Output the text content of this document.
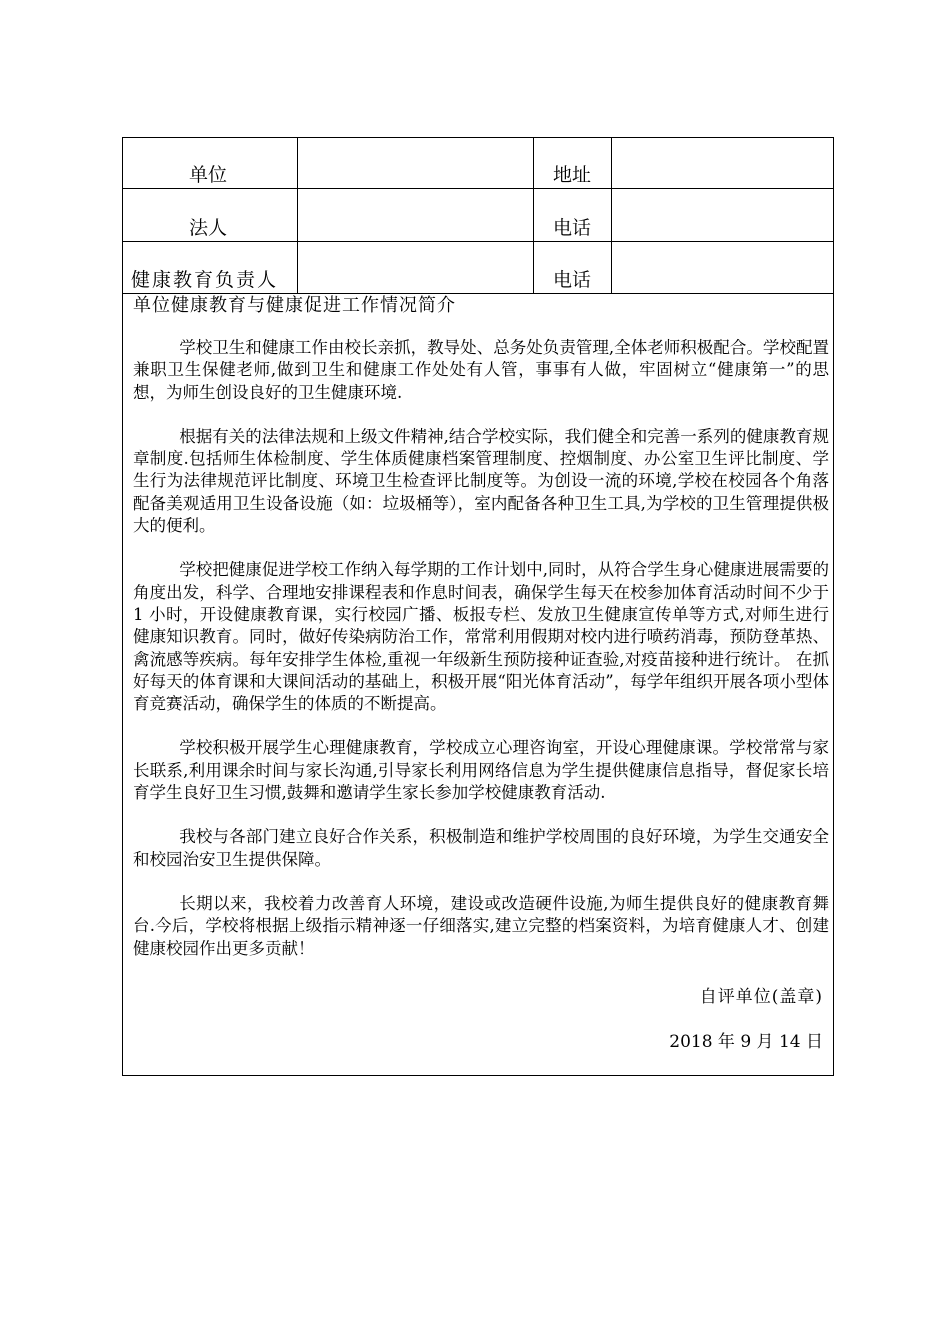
单位	地址
法人	电话
健康教育负责人	电话
单位健康教育与健康促进工作情况简介

学校卫生和健康工作由校长亲抓，教导处、总务处负责管理,全体老师积极配合。学校配置兼职卫生保健老师,做到卫生和健康工作处处有人管，事事有人做，牢固树立“健康第一”的思想，为师生创设良好的卫生健康环境.

根据有关的法律法规和上级文件精神,结合学校实际，我们健全和完善一系列的健康教育规章制度.包括师生体检制度、学生体质健康档案管理制度、控烟制度、办公室卫生评比制度、学生行为法律规范评比制度、环境卫生检查评比制度等。为创设一流的环境,学校在校园各个角落配备美观适用卫生设备设施（如：垃圾桶等），室内配备各种卫生工具,为学校的卫生管理提供极大的便利。

学校把健康促进学校工作纳入每学期的工作计划中,同时，从符合学生身心健康进展需要的角度出发，科学、合理地安排课程表和作息时间表，确保学生每天在校参加体育活动时间不少于 1 小时，开设健康教育课，实行校园广播、板报专栏、发放卫生健康宣传单等方式,对师生进行健康知识教育。同时，做好传染病防治工作，常常利用假期对校内进行喷药消毒，预防登革热、禽流感等疾病。每年安排学生体检,重视一年级新生预防接种证查验,对疫苗接种进行统计。 在抓好每天的体育课和大课间活动的基础上，积极开展“阳光体育活动”，每学年组织开展各项小型体育竞赛活动，确保学生的体质的不断提高。

学校积极开展学生心理健康教育，学校成立心理咨询室，开设心理健康课。学校常常与家长联系,利用课余时间与家长沟通,引导家长利用网络信息为学生提供健康信息指导，督促家长培育学生良好卫生习惯,鼓舞和邀请学生家长参加学校健康教育活动.

我校与各部门建立良好合作关系，积极制造和维护学校周围的良好环境，为学生交通安全和校园治安卫生提供保障。

长期以来，我校着力改善育人环境，建设或改造硬件设施,为师生提供良好的健康教育舞台.今后，学校将根据上级指示精神逐一仔细落实,建立完整的档案资料，为培育健康人才、创建健康校园作出更多贡献！

自评单位(盖章)
2018 年 9 月 14 日
